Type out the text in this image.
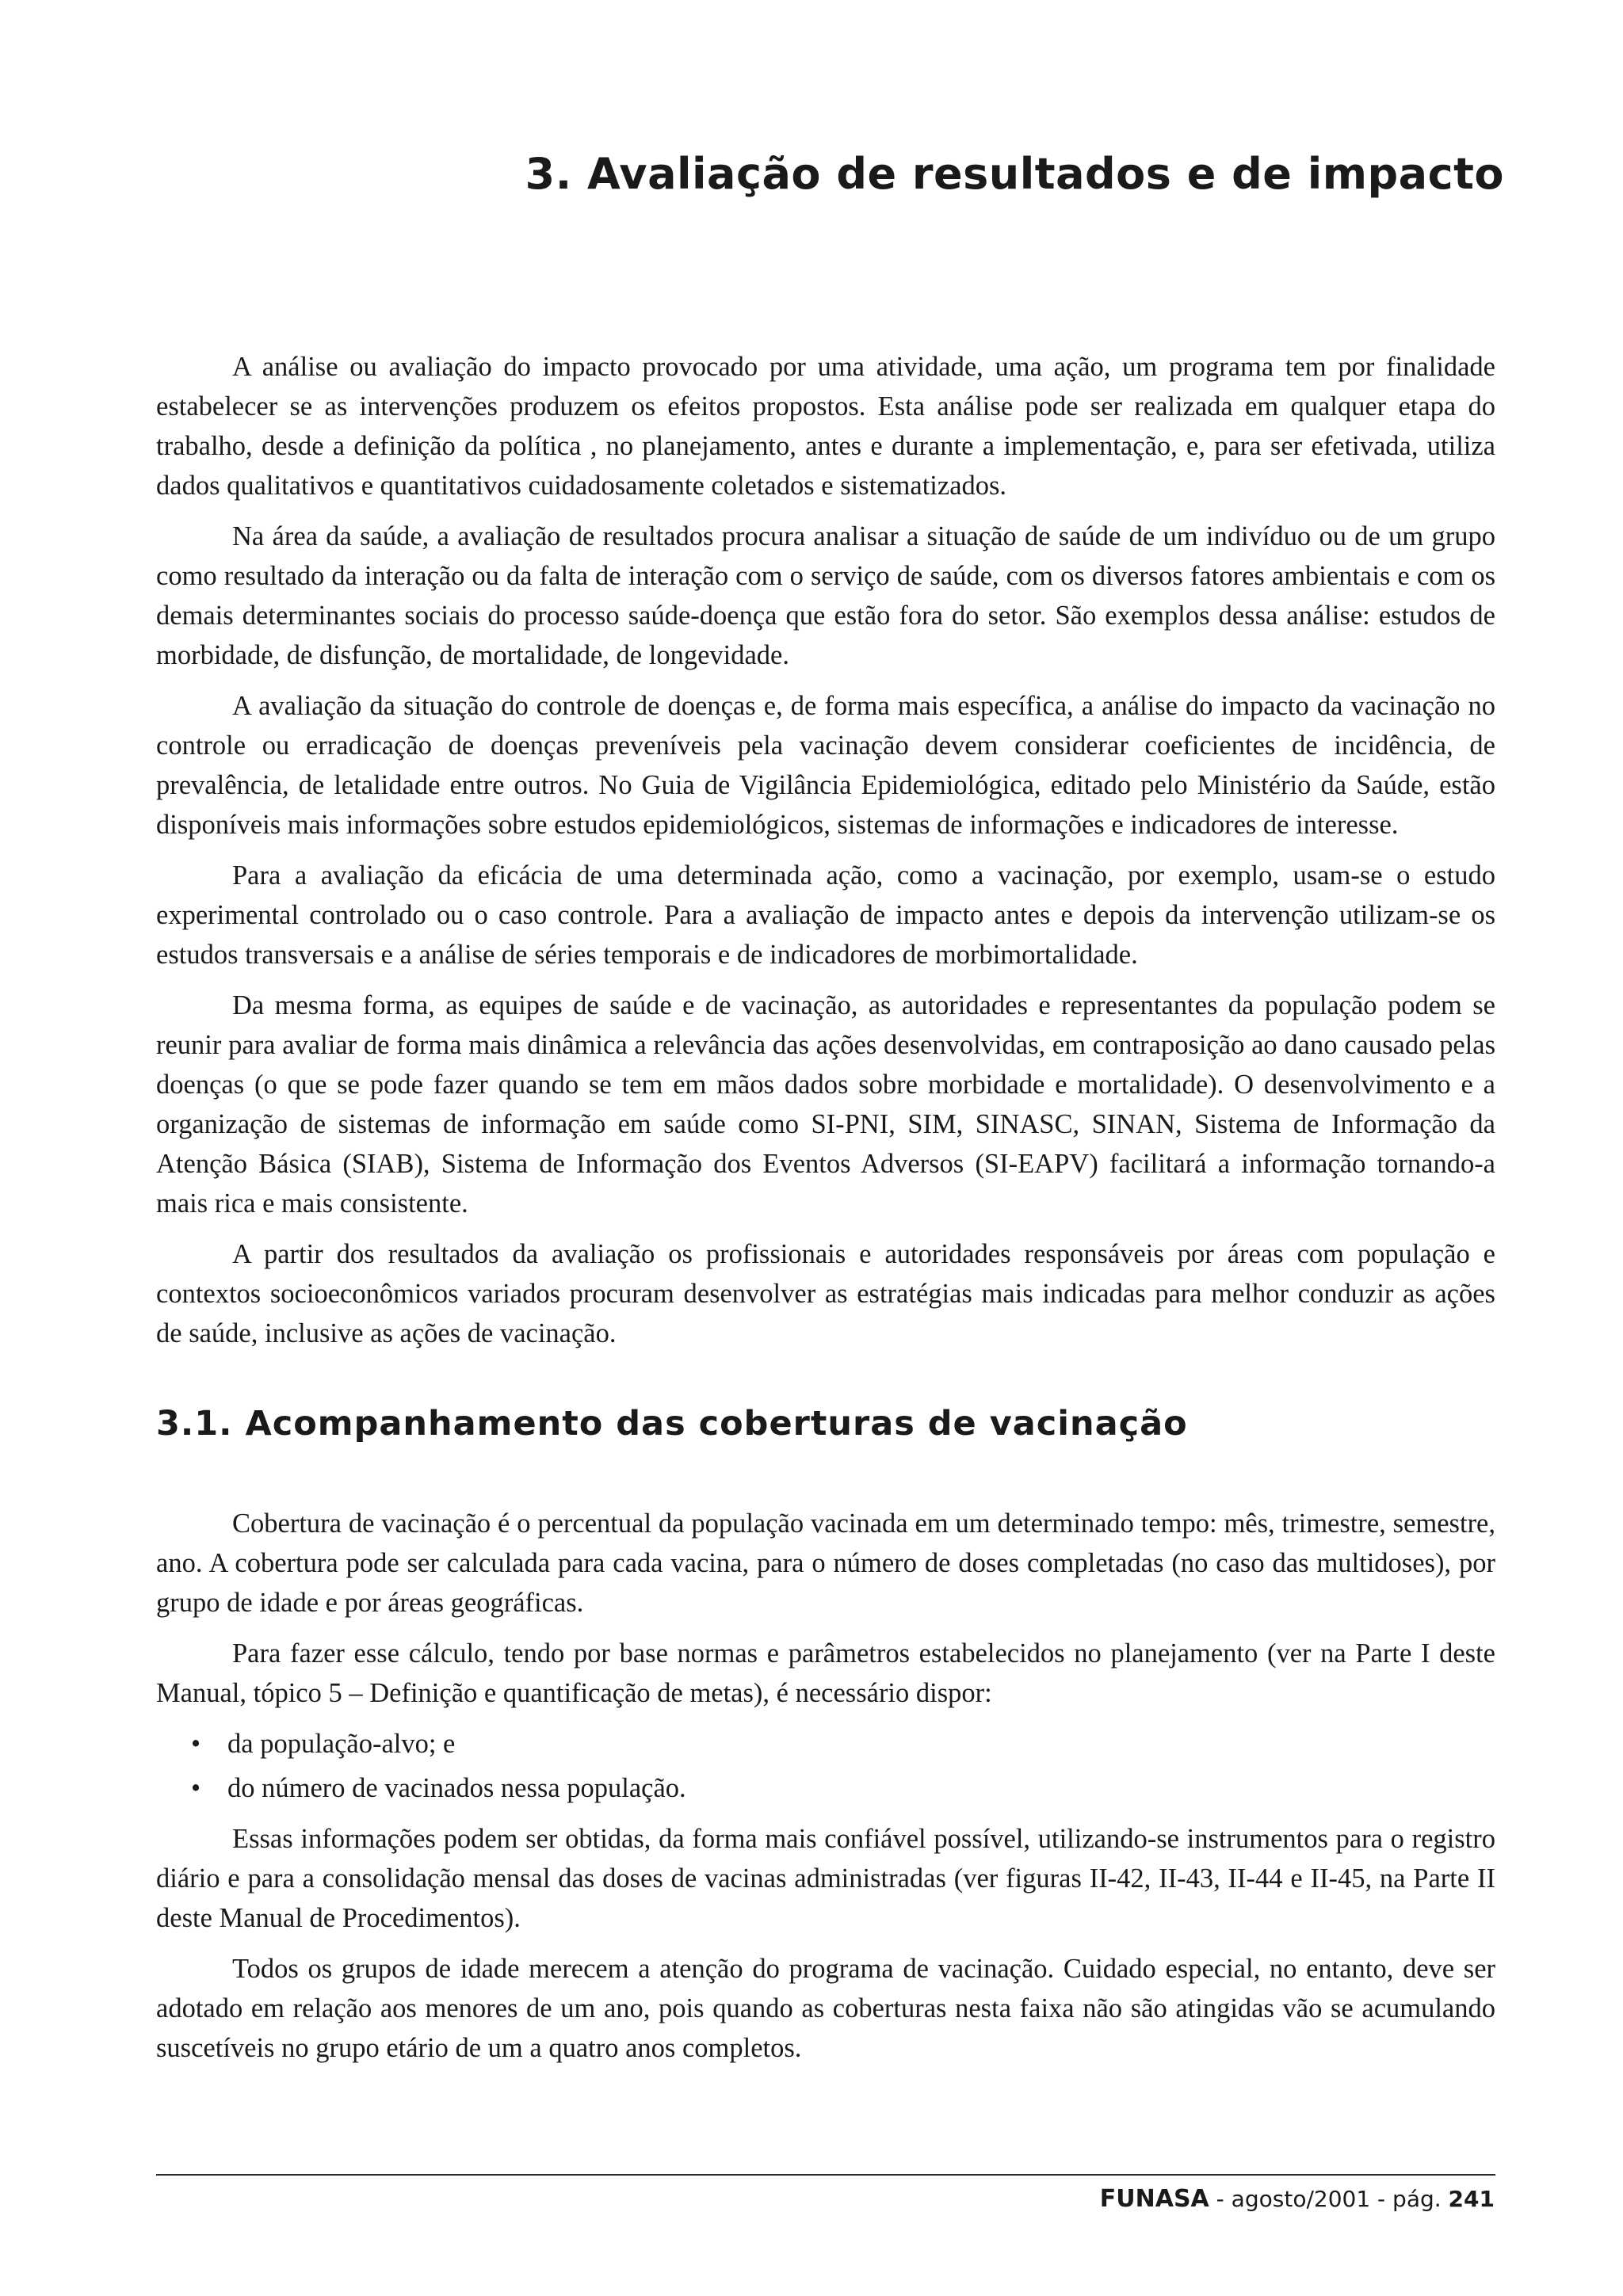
3. Avaliação de resultados e de impacto

A análise ou avaliação do impacto provocado por uma atividade, uma ação, um programa tem por finalidade estabelecer se as intervenções produzem os efeitos propostos. Esta análise pode ser realizada em qualquer etapa do trabalho, desde a definição da política , no planejamento, antes e durante a implementação, e, para ser efetivada, utiliza dados qualitativos e quantitativos cuidadosamente coletados e sistematizados.

Na área da saúde, a avaliação de resultados procura analisar a situação de saúde de um indivíduo ou de um grupo como resultado da interação ou da falta de interação com o serviço de saúde, com os diversos fatores ambientais e com os demais determinantes sociais do processo saúde-doença que estão fora do setor. São exemplos dessa análise: estudos de morbidade, de disfunção, de mortalidade, de longevidade.

A avaliação da situação do controle de doenças e, de forma mais específica, a análise do impacto da vacinação no controle ou erradicação de doenças preveníveis pela vacinação devem considerar coeficientes de incidência, de prevalência, de letalidade entre outros. No Guia de Vigilância Epidemiológica, editado pelo Ministério da Saúde, estão disponíveis mais informações sobre estudos epidemiológicos, sistemas de informações e indicadores de interesse.

Para a avaliação da eficácia de uma determinada ação, como a vacinação, por exemplo, usam-se o estudo experimental controlado ou o caso controle. Para a avaliação de impacto antes e depois da intervenção utilizam-se os estudos transversais e a análise de séries temporais e de indicadores de morbimortalidade.

Da mesma forma, as equipes de saúde e de vacinação, as autoridades e representantes da população podem se reunir para avaliar de forma mais dinâmica a relevância das ações desenvolvidas, em contraposição ao dano causado pelas doenças (o que se pode fazer quando se tem em mãos dados sobre morbidade e mortalidade). O desenvolvimento e a organização de sistemas de informação em saúde como SI-PNI, SIM, SINASC, SINAN, Sistema de Informação da Atenção Básica (SIAB), Sistema de Informação dos Eventos Adversos (SI-EAPV) facilitará a informação tornando-a mais rica e mais consistente.

A partir dos resultados da avaliação os profissionais e autoridades responsáveis por áreas com população e contextos socioeconômicos variados procuram desenvolver as estratégias mais indicadas para melhor conduzir as ações de saúde, inclusive as ações de vacinação.

3.1. Acompanhamento das coberturas de vacinação

Cobertura de vacinação é o percentual da população vacinada em um determinado tempo: mês, trimestre, semestre, ano. A cobertura pode ser calculada para cada vacina, para o número de doses completadas (no caso das multidoses), por grupo de idade e por áreas geográficas.

Para fazer esse cálculo, tendo por base normas e parâmetros estabelecidos no planejamento (ver na Parte I deste Manual, tópico 5 – Definição e quantificação de metas), é necessário dispor:

• da população-alvo; e
• do número de vacinados nessa população.

Essas informações podem ser obtidas, da forma mais confiável possível, utilizando-se instrumentos para o registro diário e para a consolidação mensal das doses de vacinas administradas (ver figuras II-42, II-43, II-44 e II-45, na Parte II deste Manual de Procedimentos).

Todos os grupos de idade merecem a atenção do programa de vacinação. Cuidado especial, no entanto, deve ser adotado em relação aos menores de um ano, pois quando as coberturas nesta faixa não são atingidas vão se acumulando suscetíveis no grupo etário de um a quatro anos completos.

FUNASA - agosto/2001 - pág. 241
